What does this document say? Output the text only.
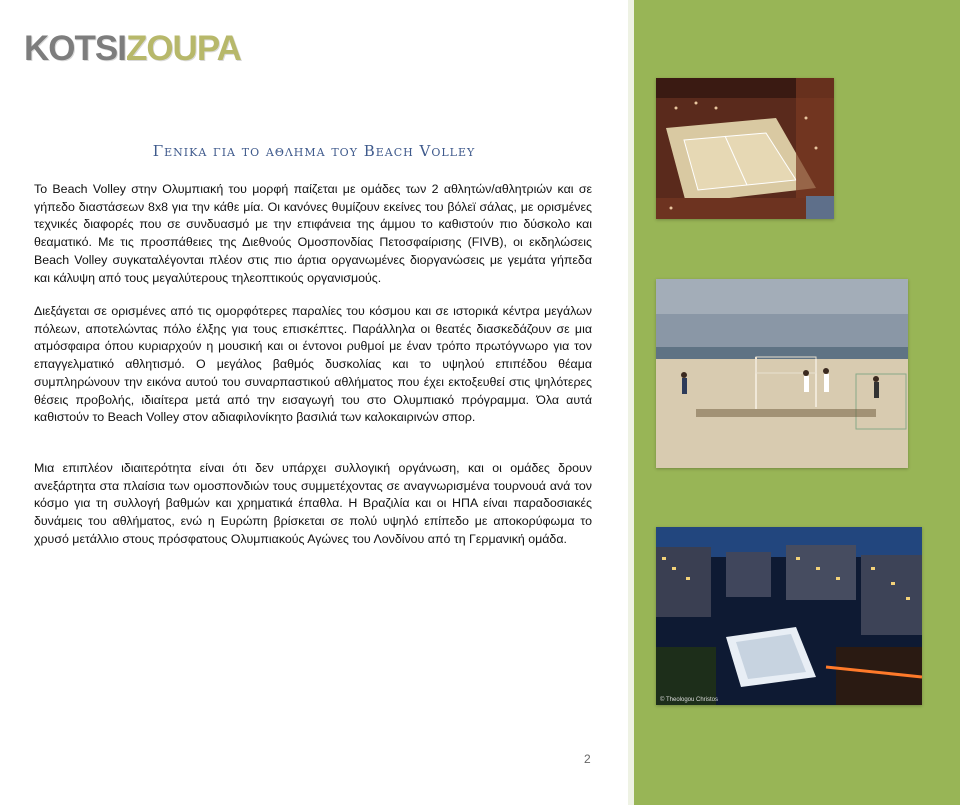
KOTSIZOUPA
Γενικα για το αθλημα του Beach Volley

Το Beach Volley στην Ολυμπιακή του μορφή παίζεται με ομάδες των 2 αθλητών/αθλητριών και σε γήπεδο διαστάσεων 8x8 για την κάθε μία. Οι κανόνες θυμίζουν εκείνες του βόλεϊ σάλας, με ορισμένες τεχνικές διαφορές που σε συνδυασμό με την επιφάνεια της άμμου το καθιστούν πιο δύσκολο και θεαματικό. Με τις προσπάθειες της Διεθνούς Ομοσπονδίας Πετοσφαίρισης (FIVB), οι εκδηλώσεις Beach Volley συγκαταλέγονται πλέον στις πιο άρτια οργανωμένες διοργανώσεις με γεμάτα γήπεδα και κάλυψη από τους μεγαλύτερους τηλεοπτικούς οργανισμούς.

Διεξάγεται σε ορισμένες από τις ομορφότερες παραλίες του κόσμου και σε ιστορικά κέντρα μεγάλων πόλεων, αποτελώντας πόλο έλξης για τους επισκέπτες. Παράλληλα οι θεατές διασκεδάζουν σε μια ατμόσφαιρα όπου κυριαρχούν η μουσική και οι έντονοι ρυθμοί με έναν τρόπο πρωτόγνωρο για τον επαγγελματικό αθλητισμό. Ο μεγάλος βαθμός δυσκολίας και το υψηλού επιπέδου θέαμα συμπληρώνουν την εικόνα αυτού του συναρπαστικού αθλήματος που έχει εκτοξευθεί στις ψηλότερες θέσεις προβολής, ιδιαίτερα μετά από την εισαγωγή του στο Ολυμπιακό πρόγραμμα. Όλα αυτά καθιστούν το Beach Volley στον αδιαφιλονίκητο βασιλιά των καλοκαιρινών σπορ.

Μια επιπλέον ιδιαιτερότητα είναι ότι δεν υπάρχει συλλογική οργάνωση, και οι ομάδες δρουν ανεξάρτητα στα πλαίσια των ομοσπονδιών τους συμμετέχοντας σε αναγνωρισμένα τουρνουά ανά τον κόσμο για τη συλλογή βαθμών και χρηματικά έπαθλα. Η Βραζιλία και οι ΗΠΑ είναι παραδοσιακές δυνάμεις του αθλήματος, ενώ η Ευρώπη βρίσκεται σε πολύ υψηλό επίπεδο με αποκορύφωμα το χρυσό μετάλλιο στους πρόσφατους Ολυμπιακούς Αγώνες του Λονδίνου από τη Γερμανική ομάδα.

2
© Theologou Christos
